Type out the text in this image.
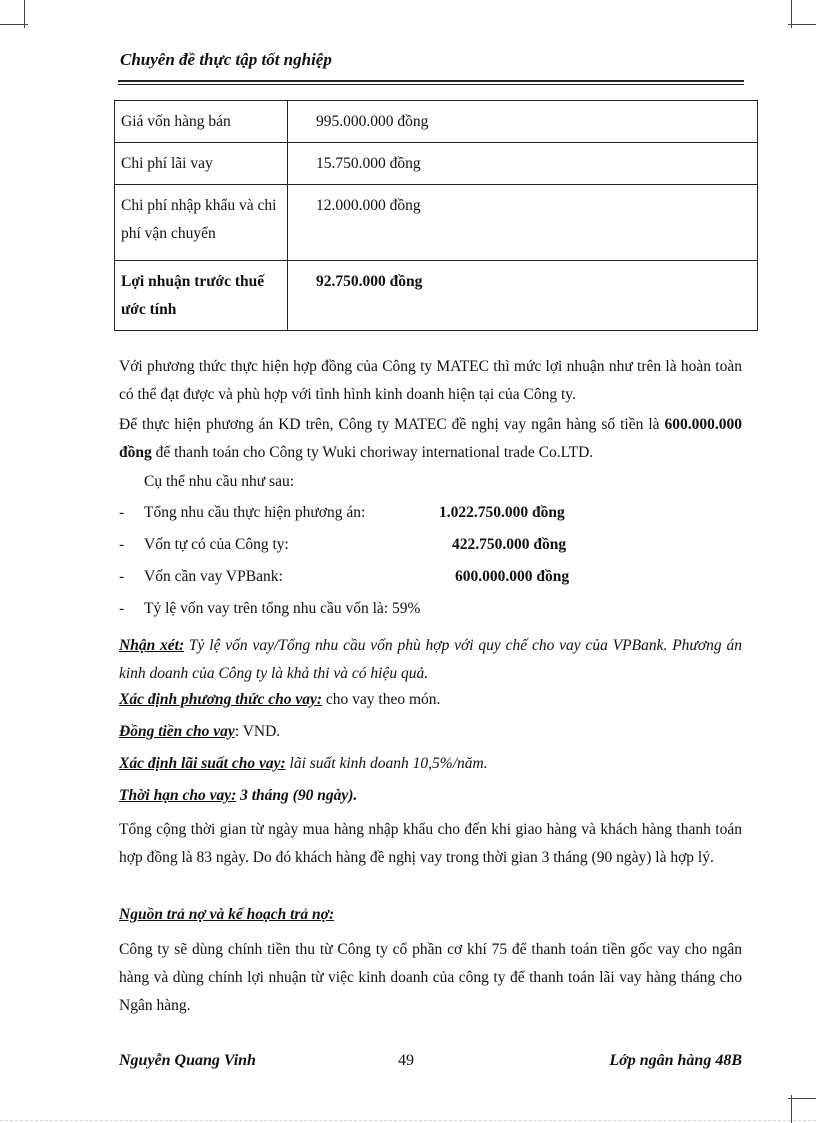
Chuyên đề thực tập tốt nghiệp
Giá vốn hàng bán	995.000.000 đồng
Chi phí lãi vay	15.750.000 đồng
Chi phí nhập khẩu và chi phí vận chuyển	12.000.000 đồng
Lợi nhuận trước thuế ước tính	92.750.000 đồng
Với phương thức thực hiện hợp đồng của Công ty MATEC thì mức lợi nhuận như trên là hoàn toàn có thể đạt được và phù hợp với tình hình kinh doanh hiện tại của Công ty.
Để thực hiện phương án KD trên, Công ty MATEC đề nghị vay ngân hàng số tiền là 600.000.000 đồng để thanh toán cho Công ty Wuki choriway international trade Co.LTD.
Cụ thể nhu cầu như sau:
- Tổng nhu cầu thực hiện phương án:	1.022.750.000 đồng
- Vốn tự có của Công ty:	422.750.000 đồng
- Vốn cần vay VPBank:	600.000.000 đồng
- Tỷ lệ vốn vay trên tổng nhu cầu vốn là: 59%
Nhận xét: Tỷ lệ vốn vay/Tổng nhu cầu vốn phù hợp với quy chế cho vay của VPBank. Phương án kinh doanh của Công ty là khả thi và có hiệu quả.
Xác định phương thức cho vay: cho vay theo món.
Đồng tiền cho vay: VND.
Xác định lãi suất cho vay: lãi suất kinh doanh 10,5%/năm.
Thời hạn cho vay: 3 tháng (90 ngày).
Tổng cộng thời gian từ ngày mua hàng nhập khẩu cho đến khi giao hàng và khách hàng thanh toán hợp đồng là 83 ngày. Do đó khách hàng đề nghị vay trong thời gian 3 tháng (90 ngày) là hợp lý.
Nguồn trả nợ và kế hoạch trả nợ:
Công ty sẽ dùng chính tiền thu từ Công ty cổ phần cơ khí 75 để thanh toán tiền gốc vay cho ngân hàng và dùng chính lợi nhuận từ việc kinh doanh của công ty để thanh toán lãi vay hàng tháng cho Ngân hàng.
Nguyễn Quang Vinh	49	Lớp ngân hàng 48B
